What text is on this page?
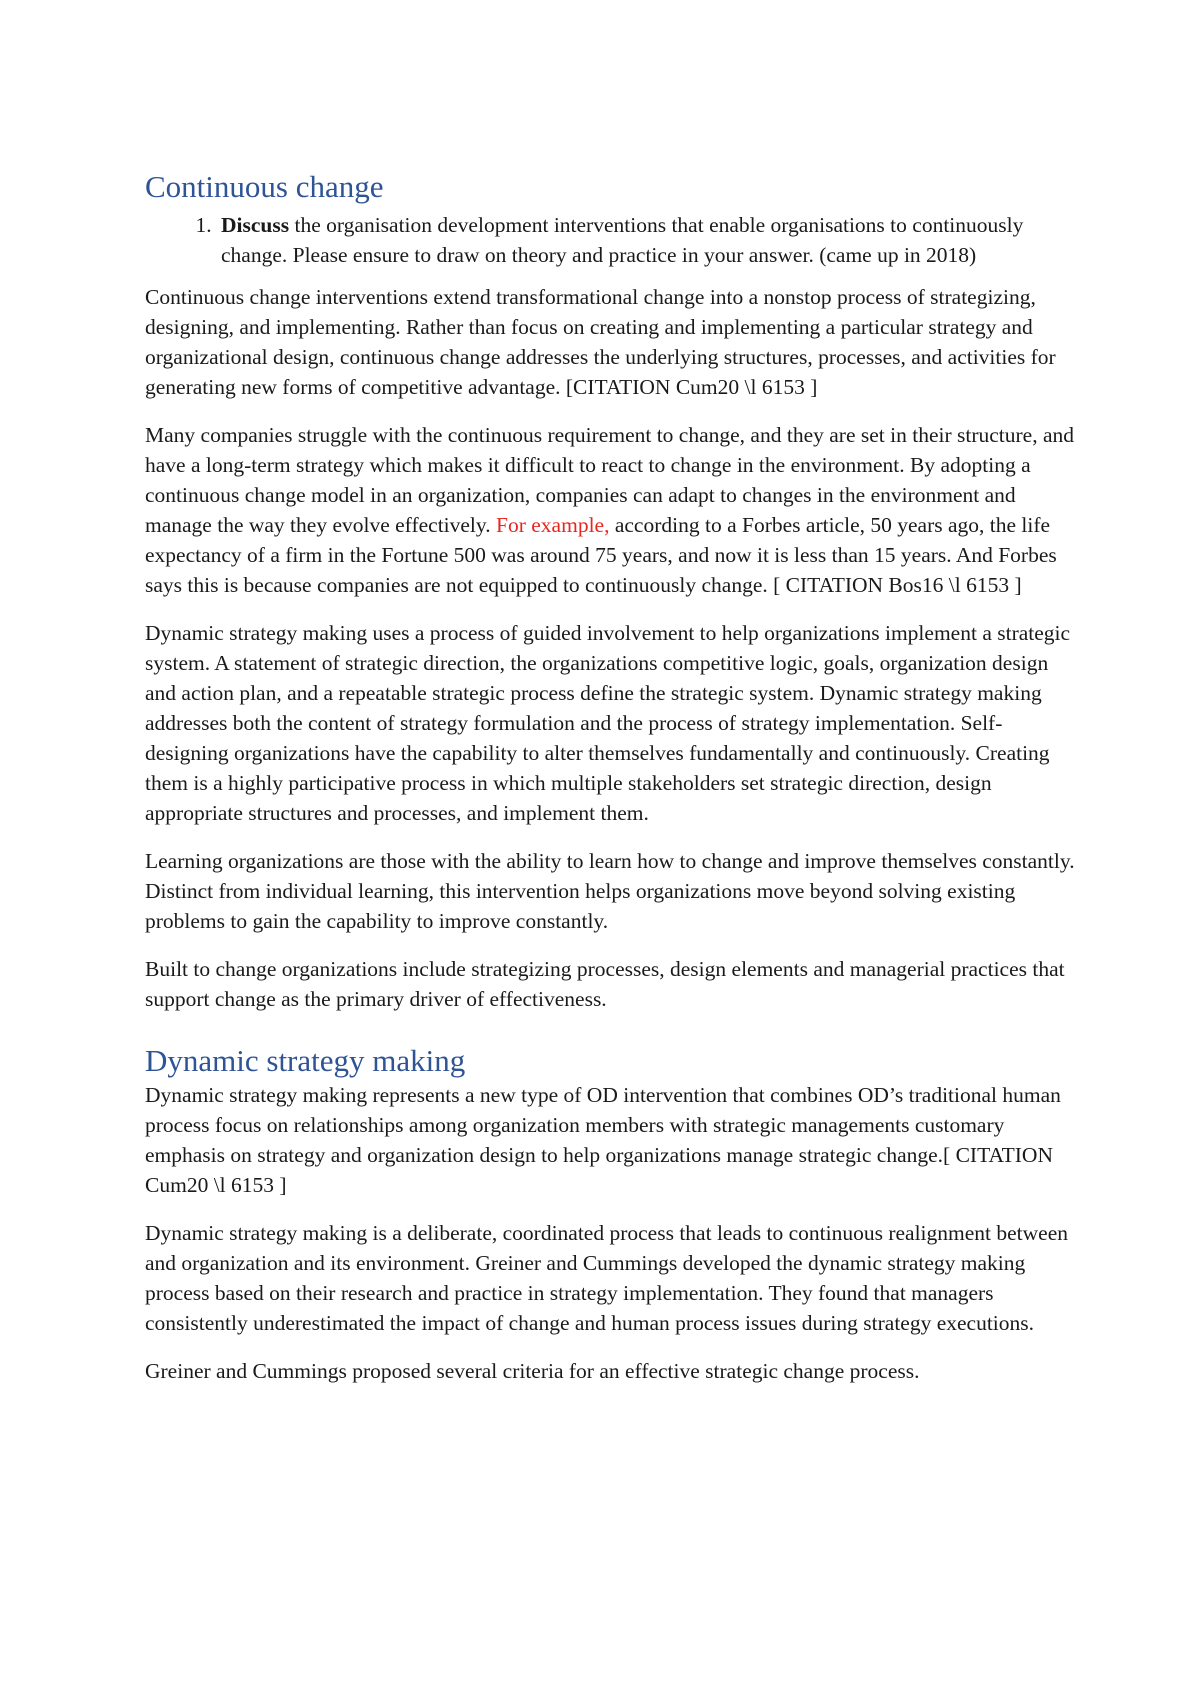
Continuous change
1. Discuss the organisation development interventions that enable organisations to continuously change. Please ensure to draw on theory and practice in your answer. (came up in 2018)

Continuous change interventions extend transformational change into a nonstop process of strategizing, designing, and implementing. Rather than focus on creating and implementing a particular strategy and organizational design, continuous change addresses the underlying structures, processes, and activities for generating new forms of competitive advantage. [CITATION Cum20 \l 6153 ]

Many companies struggle with the continuous requirement to change, and they are set in their structure, and have a long-term strategy which makes it difficult to react to change in the environment. By adopting a continuous change model in an organization, companies can adapt to changes in the environment and manage the way they evolve effectively. For example, according to a Forbes article, 50 years ago, the life expectancy of a firm in the Fortune 500 was around 75 years, and now it is less than 15 years. And Forbes says this is because companies are not equipped to continuously change. [ CITATION Bos16 \l 6153 ]

Dynamic strategy making uses a process of guided involvement to help organizations implement a strategic system. A statement of strategic direction, the organizations competitive logic, goals, organization design and action plan, and a repeatable strategic process define the strategic system. Dynamic strategy making addresses both the content of strategy formulation and the process of strategy implementation. Self-designing organizations have the capability to alter themselves fundamentally and continuously. Creating them is a highly participative process in which multiple stakeholders set strategic direction, design appropriate structures and processes, and implement them.

Learning organizations are those with the ability to learn how to change and improve themselves constantly. Distinct from individual learning, this intervention helps organizations move beyond solving existing problems to gain the capability to improve constantly.

Built to change organizations include strategizing processes, design elements and managerial practices that support change as the primary driver of effectiveness.

Dynamic strategy making

Dynamic strategy making represents a new type of OD intervention that combines OD’s traditional human process focus on relationships among organization members with strategic managements customary emphasis on strategy and organization design to help organizations manage strategic change.[ CITATION Cum20 \l 6153 ]

Dynamic strategy making is a deliberate, coordinated process that leads to continuous realignment between and organization and its environment. Greiner and Cummings developed the dynamic strategy making process based on their research and practice in strategy implementation. They found that managers consistently underestimated the impact of change and human process issues during strategy executions.

Greiner and Cummings proposed several criteria for an effective strategic change process.
